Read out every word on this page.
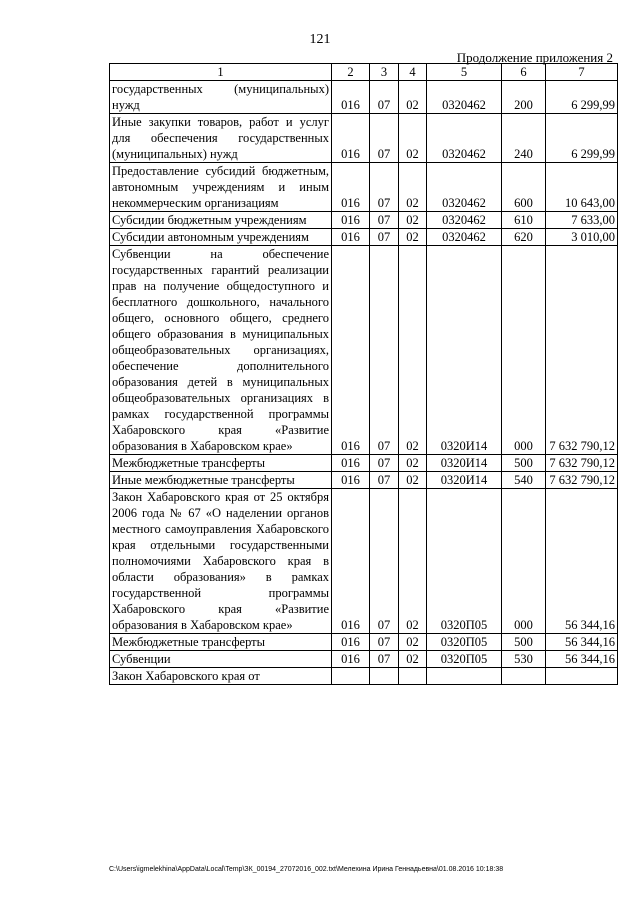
121
Продолжение приложения 2
1	2	3	4	5	6	7
государственных (муниципальных) нужд	016	07	02	0320462	200	6 299,99
Иные закупки товаров, работ и услуг для обеспечения государственных (муниципальных) нужд	016	07	02	0320462	240	6 299,99
Предоставление субсидий бюджетным, автономным учреждениям и иным некоммерческим организациям	016	07	02	0320462	600	10 643,00
Субсидии бюджетным учреждениям	016	07	02	0320462	610	7 633,00
Субсидии автономным учреждениям	016	07	02	0320462	620	3 010,00
Субвенции на обеспечение государственных гарантий реализации прав на получение общедоступного и бесплатного дошкольного, начального общего, основного общего, среднего общего образования в муниципальных общеобразовательных организациях, обеспечение дополнительного образования детей в муниципальных общеобразовательных организациях в рамках государственной программы Хабаровского края «Развитие образования в Хабаровском крае»	016	07	02	0320И14	000	7 632 790,12
Межбюджетные трансферты	016	07	02	0320И14	500	7 632 790,12
Иные межбюджетные трансферты	016	07	02	0320И14	540	7 632 790,12
Закон Хабаровского края от 25 октября 2006 года № 67 «О наделении органов местного самоуправления Хабаровского края отдельными государственными полномочиями Хабаровского края в области образования» в рамках государственной программы Хабаровского края «Развитие образования в Хабаровском крае»	016	07	02	0320П05	000	56 344,16
Межбюджетные трансферты	016	07	02	0320П05	500	56 344,16
Субвенции	016	07	02	0320П05	530	56 344,16
Закон Хабаровского края от						
C:\Users\igmelekhina\AppData\Local\Temp\ЗК_00194_27072016_002.txt\Мелехина Ирина Геннадьевна\01.08.2016 10:18:38
